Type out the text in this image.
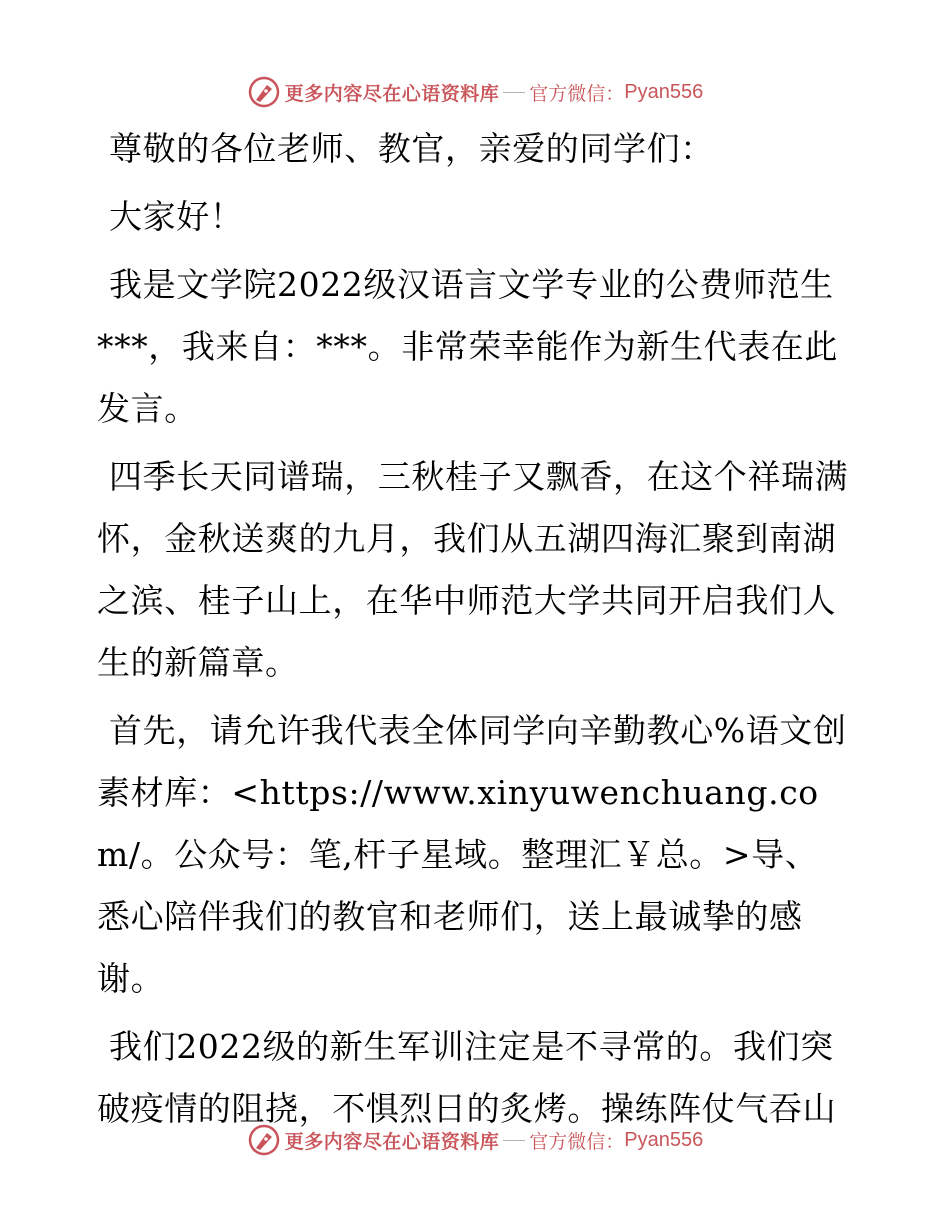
更多内容尽在心语资料库 官方微信： Pyan556

尊敬的各位老师、教官，亲爱的同学们：

大家好！

我是文学院2022级汉语言文学专业的公费师范生***，我来自：***。非常荣幸能作为新生代表在此发言。

四季长天同谱瑞，三秋桂子又飘香，在这个祥瑞满怀，金秋送爽的九月，我们从五湖四海汇聚到南湖之滨、桂子山上，在华中师范大学共同开启我们人生的新篇章。

首先，请允许我代表全体同学向辛勤教心%语文创素材库：<https://www.xinyuwenchuang.com/。公众号：笔,杆子星域。整理汇￥总。>导、悉心陪伴我们的教官和老师们，送上最诚挚的感谢。

我们2022级的新生军训注定是不寻常的。我们突破疫情的阻挠，不惧烈日的炙烤。操练阵仗气吞山

更多内容尽在心语资料库 官方微信： Pyan556
